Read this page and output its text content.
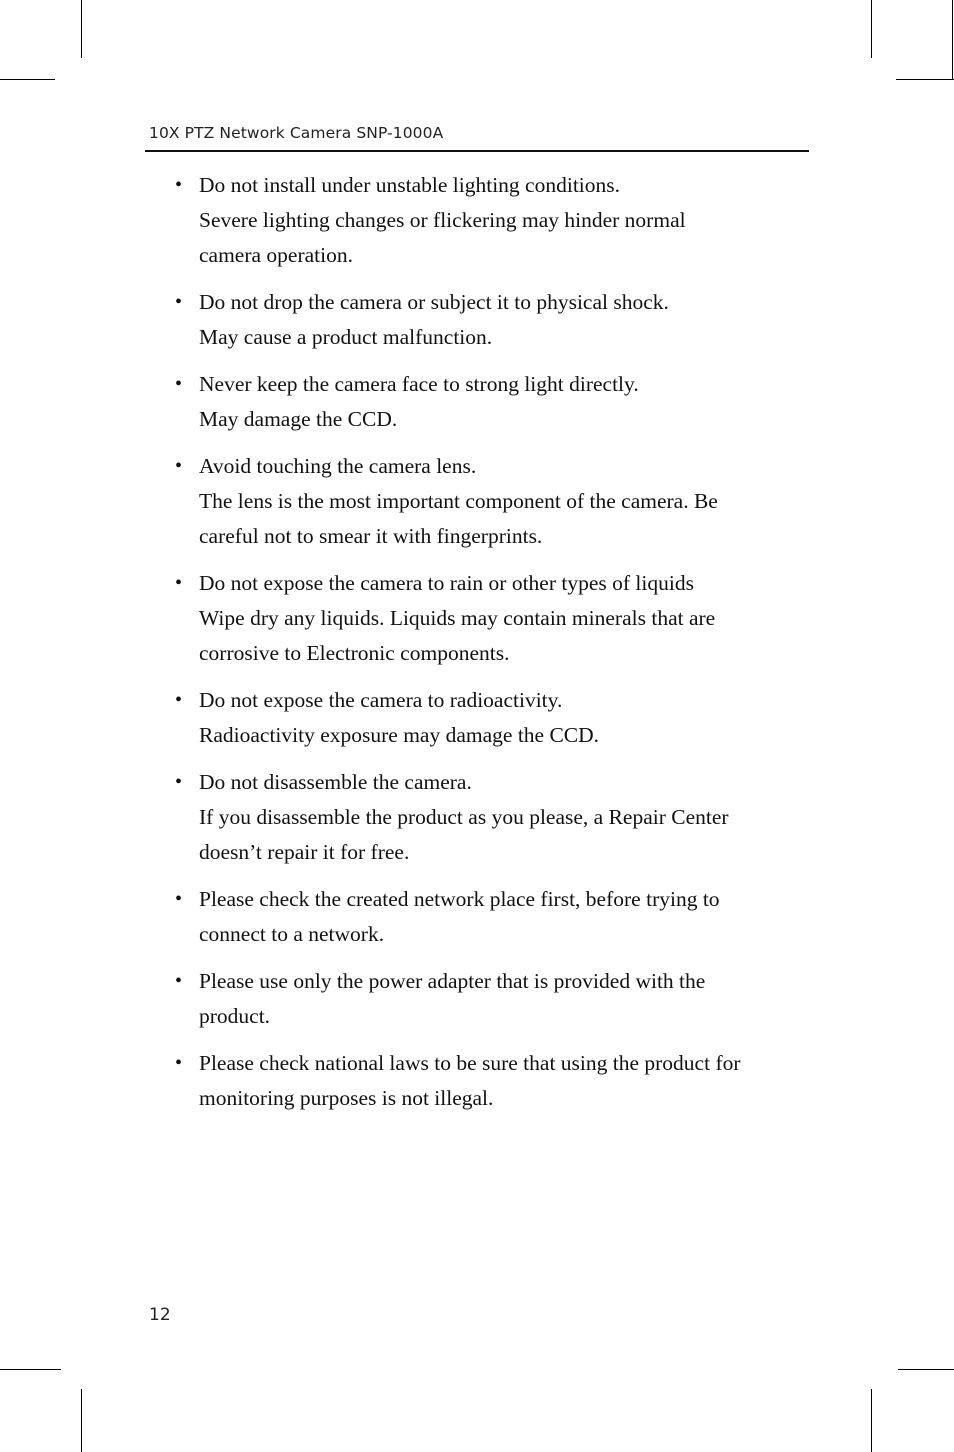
10X PTZ Network Camera SNP-1000A
• Do not install under unstable lighting conditions.
Severe lighting changes or flickering may hinder normal
camera operation.
• Do not drop the camera or subject it to physical shock.
May cause a product malfunction.
• Never keep the camera face to strong light directly.
May damage the CCD.
• Avoid touching the camera lens.
The lens is the most important component of the camera. Be
careful not to smear it with fingerprints.
• Do not expose the camera to rain or other types of liquids
Wipe dry any liquids. Liquids may contain minerals that are
corrosive to Electronic components.
• Do not expose the camera to radioactivity.
Radioactivity exposure may damage the CCD.
• Do not disassemble the camera.
If you disassemble the product as you please, a Repair Center
doesn’t repair it for free.
• Please check the created network place first, before trying to
connect to a network.
• Please use only the power adapter that is provided with the
product.
• Please check national laws to be sure that using the product for
monitoring purposes is not illegal.
12
